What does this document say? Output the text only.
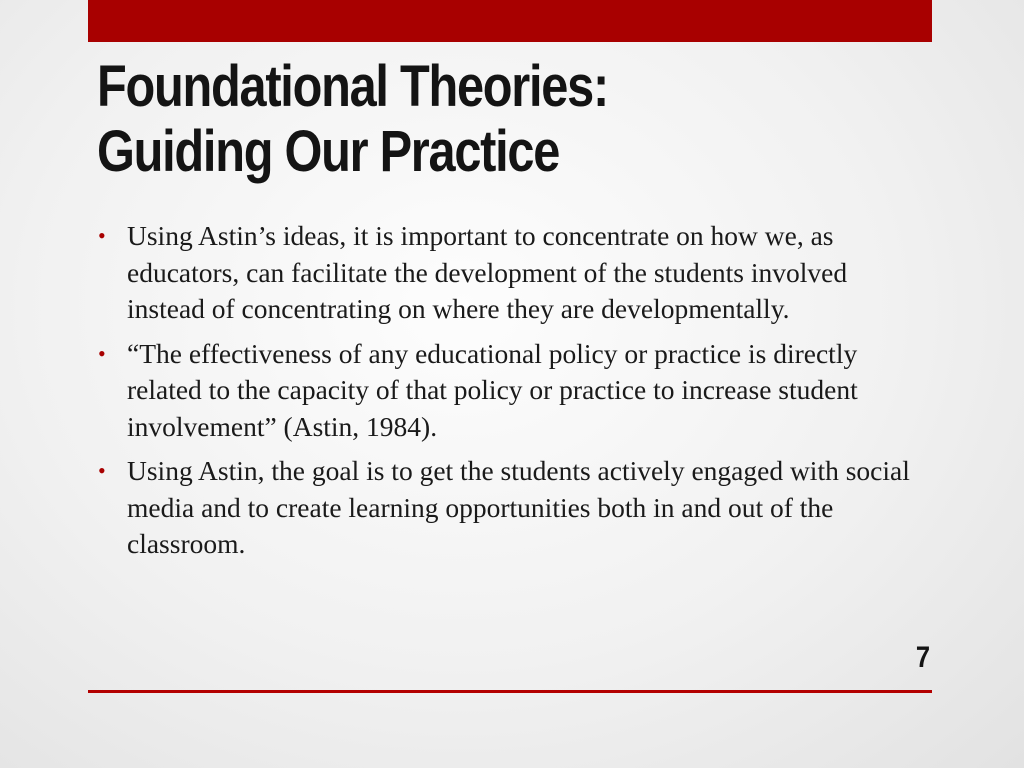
Foundational Theories:
Guiding Our Practice
• Using Astin’s ideas, it is important to concentrate on how we, as educators, can facilitate the development of the students involved instead of concentrating on where they are developmentally.
• “The effectiveness of any educational policy or practice is directly related to the capacity of that policy or practice to increase student involvement” (Astin, 1984).
• Using Astin, the goal is to get the students actively engaged with social media and to create learning opportunities both in and out of the classroom.
7
